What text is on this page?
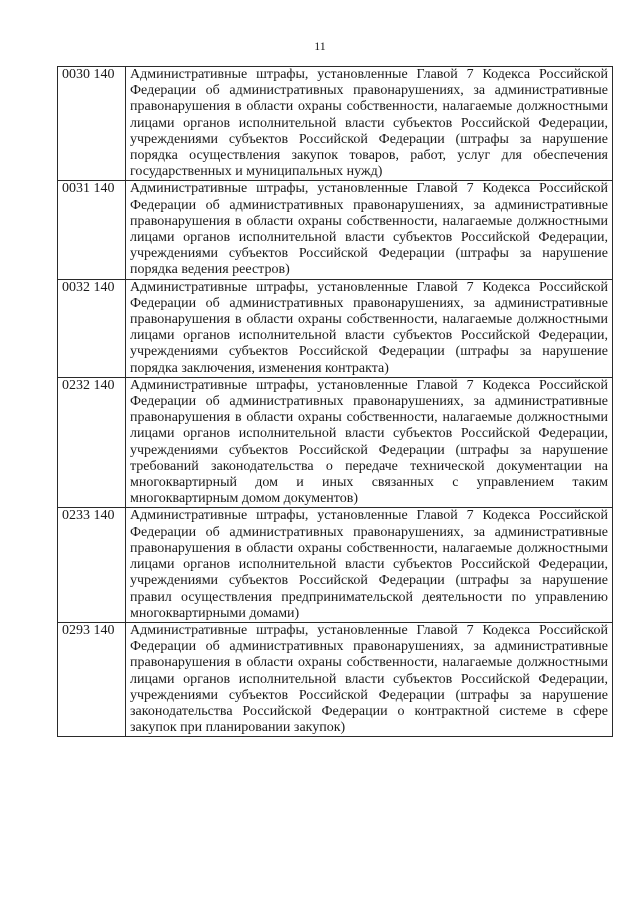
11
0030 140	Административные штрафы, установленные Главой 7 Кодекса Российской Федерации об административных правонарушениях, за административные правонарушения в области охраны собственности, налагаемые должностными лицами органов исполнительной власти субъектов Российской Федерации, учреждениями субъектов Российской Федерации (штрафы за нарушение порядка осуществления закупок товаров, работ, услуг для обеспечения государственных и муниципальных нужд)
0031 140	Административные штрафы, установленные Главой 7 Кодекса Российской Федерации об административных правонарушениях, за административные правонарушения в области охраны собственности, налагаемые должностными лицами органов исполнительной власти субъектов Российской Федерации, учреждениями субъектов Российской Федерации (штрафы за нарушение порядка ведения реестров)
0032 140	Административные штрафы, установленные Главой 7 Кодекса Российской Федерации об административных правонарушениях, за административные правонарушения в области охраны собственности, налагаемые должностными лицами органов исполнительной власти субъектов Российской Федерации, учреждениями субъектов Российской Федерации (штрафы за нарушение порядка заключения, изменения контракта)
0232 140	Административные штрафы, установленные Главой 7 Кодекса Российской Федерации об административных правонарушениях, за административные правонарушения в области охраны собственности, налагаемые должностными лицами органов исполнительной власти субъектов Российской Федерации, учреждениями субъектов Российской Федерации (штрафы за нарушение требований законодательства о передаче технической документации на многоквартирный дом и иных связанных с управлением таким многоквартирным домом документов)
0233 140	Административные штрафы, установленные Главой 7 Кодекса Российской Федерации об административных правонарушениях, за административные правонарушения в области охраны собственности, налагаемые должностными лицами органов исполнительной власти субъектов Российской Федерации, учреждениями субъектов Российской Федерации (штрафы за нарушение правил осуществления предпринимательской деятельности по управлению многоквартирными домами)
0293 140	Административные штрафы, установленные Главой 7 Кодекса Российской Федерации об административных правонарушениях, за административные правонарушения в области охраны собственности, налагаемые должностными лицами органов исполнительной власти субъектов Российской Федерации, учреждениями субъектов Российской Федерации (штрафы за нарушение законодательства Российской Федерации о контрактной системе в сфере закупок при планировании закупок)
